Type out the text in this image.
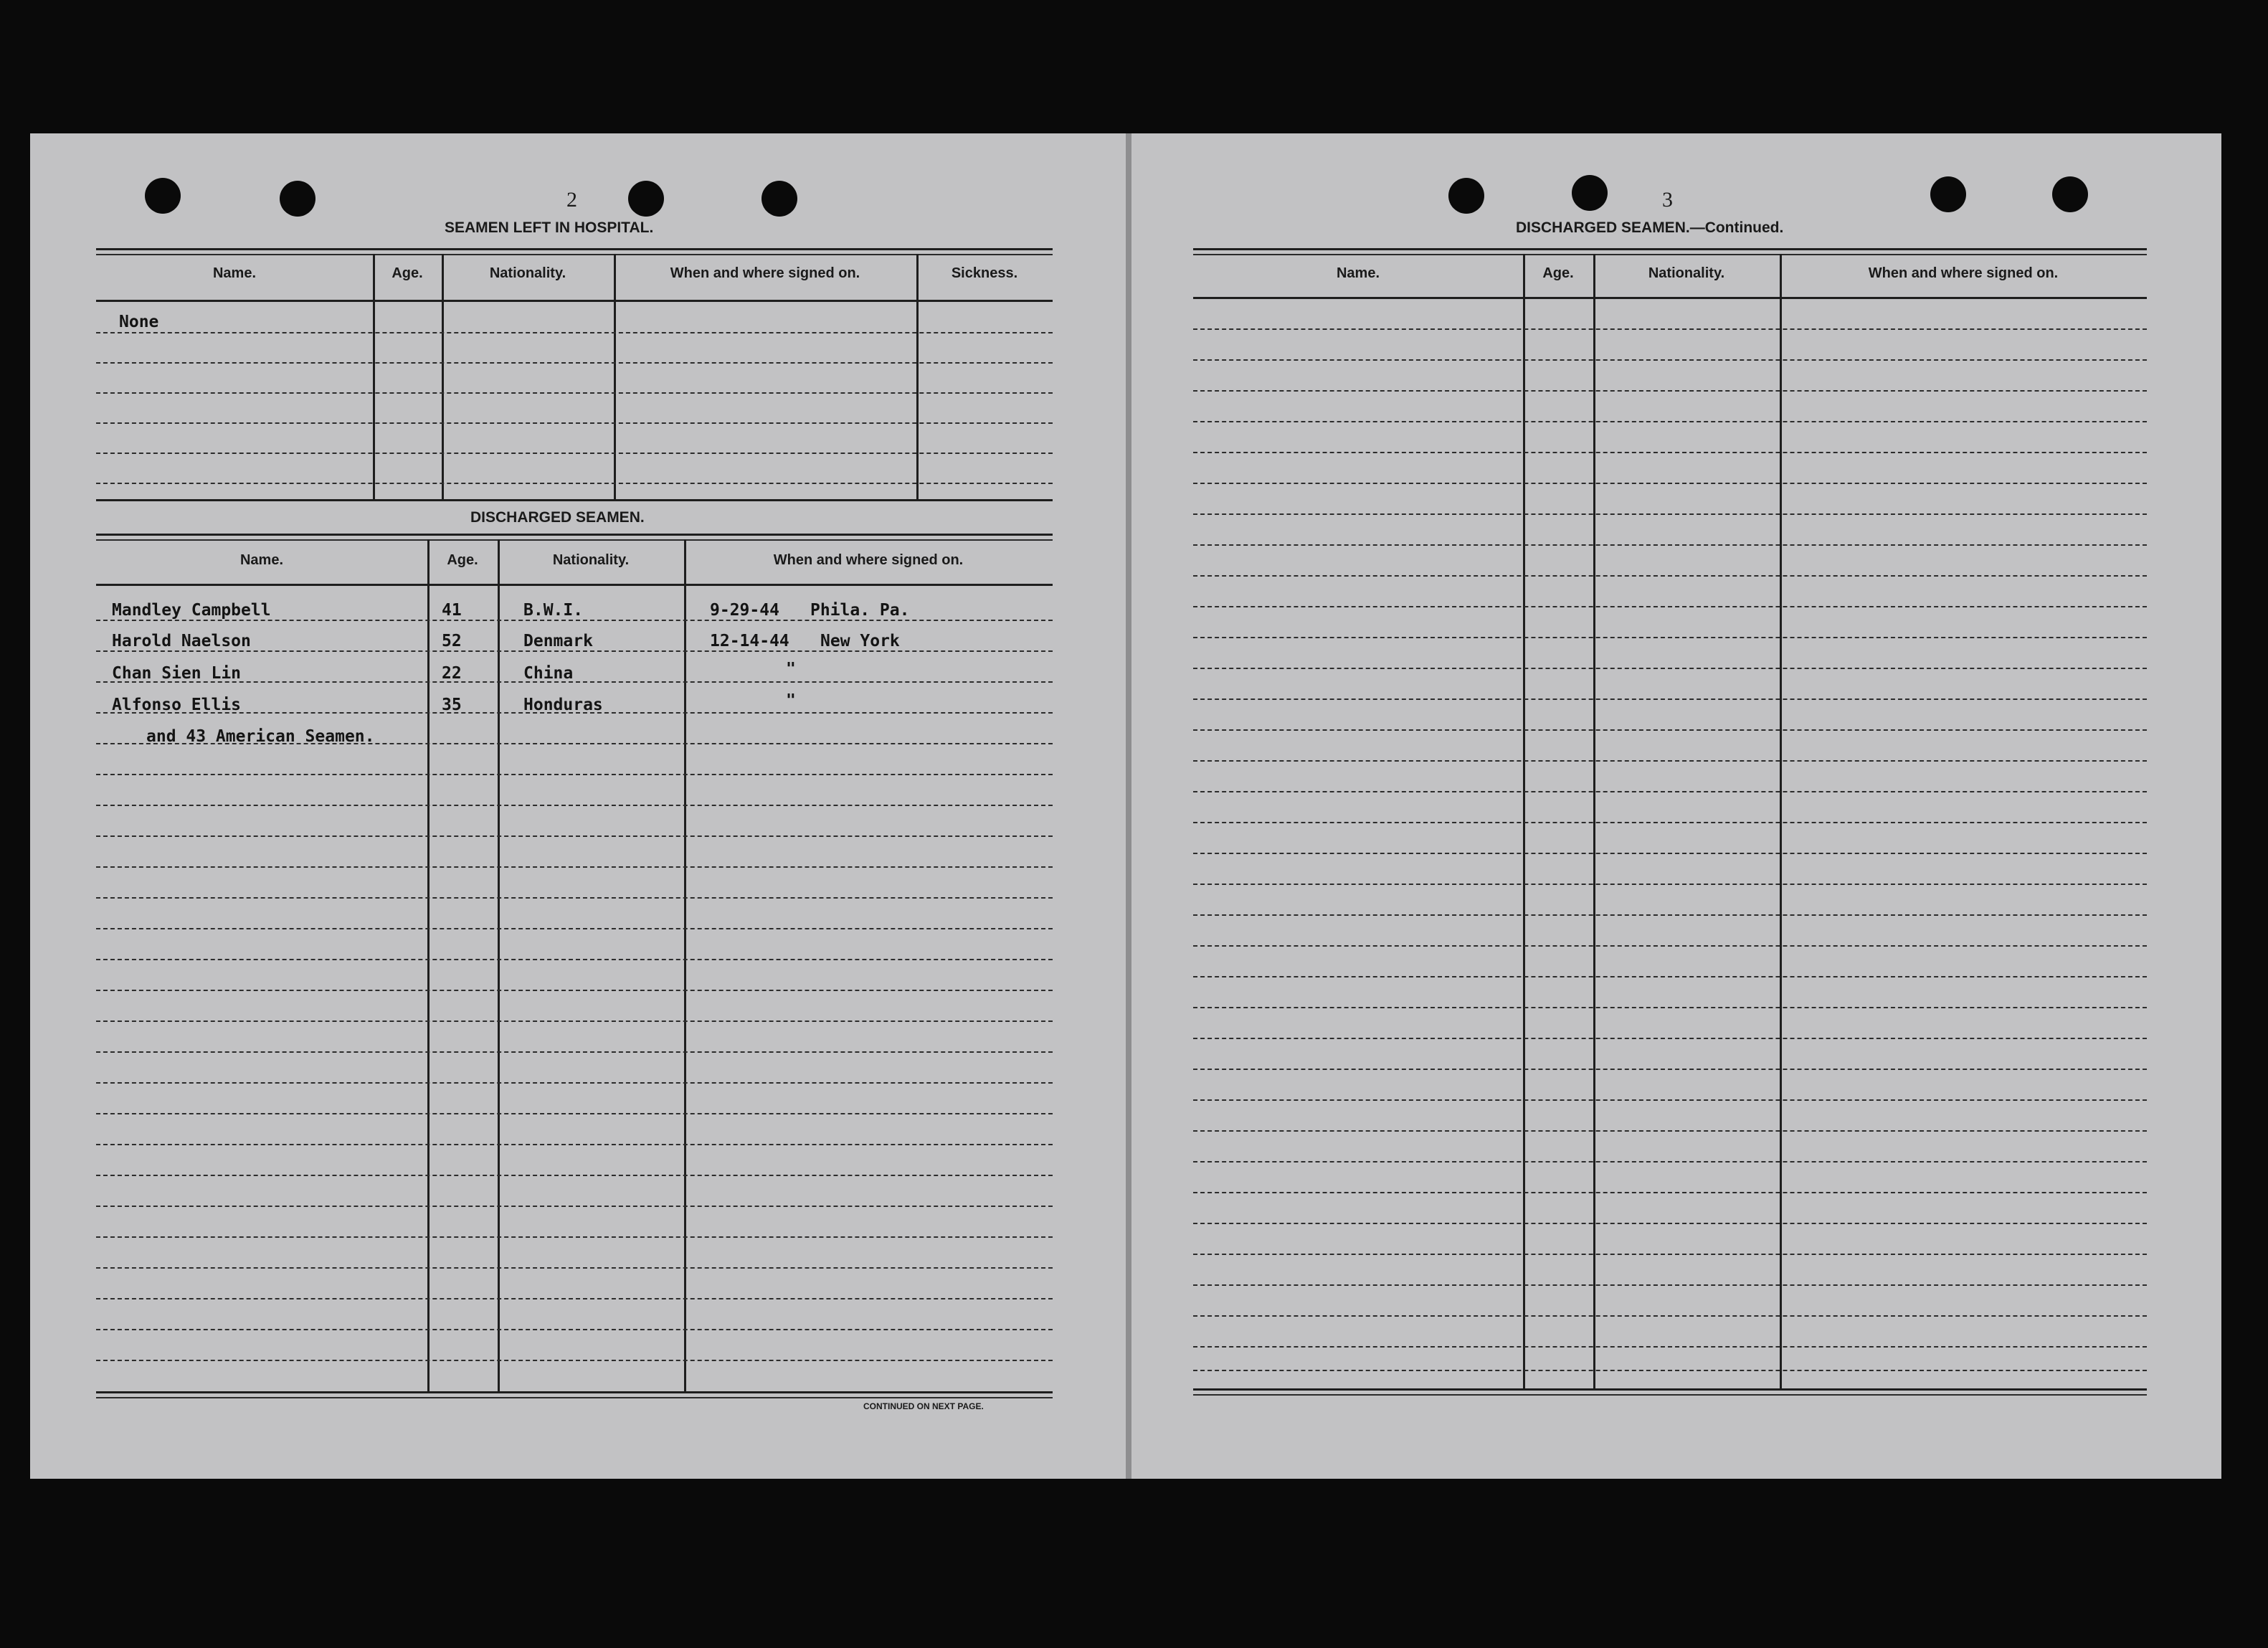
2
SEAMEN LEFT IN HOSPITAL.
Name.	Age.	Nationality.	When and where signed on.	Sickness.
None
DISCHARGED SEAMEN.
Name.	Age.	Nationality.	When and where signed on.
Mandley Campbell	41	B.W.I.	9-29-44 Phila. Pa.
Harold Naelson	52	Denmark	12-14-44 New York
Chan Sien Lin	22	China	"
Alfonso Ellis	35	Honduras	"
and 43 American Seamen.
CONTINUED ON NEXT PAGE.
3
DISCHARGED SEAMEN.—Continued.
Name.	Age.	Nationality.	When and where signed on.
